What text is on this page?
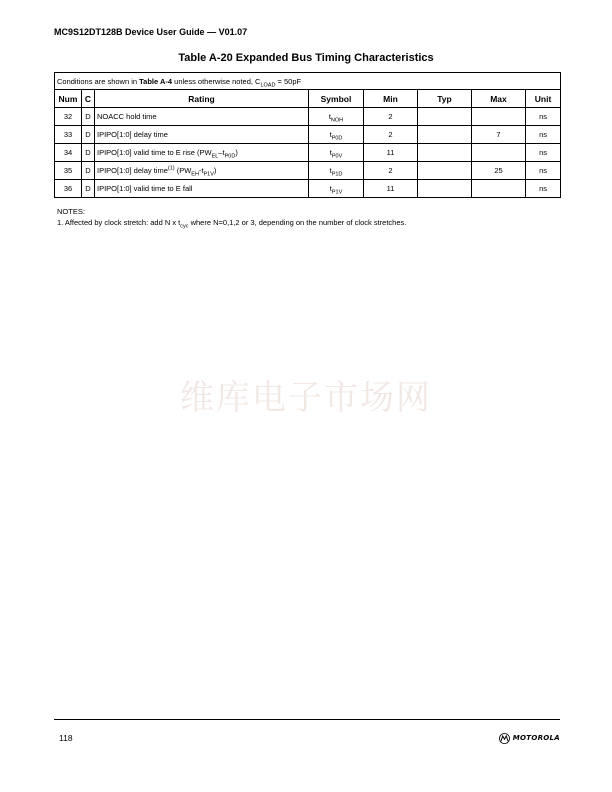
MC9S12DT128B Device User Guide — V01.07
Table A-20 Expanded Bus Timing Characteristics
Conditions are shown in Table A-4 unless otherwise noted, $C_{LOAD} = 50pF$							
Num	C	Rating	Symbol	Min	Typ	Max	Unit
32	D	NOACC hold time	$t_{NOH}$	2			ns
33	D	IPIPO[1:0] delay time	$t_{P0D}$	2		7	ns
34	D	IPIPO[1:0] valid time to E rise $(PW_{EL}-t_{P0D})$	$t_{P0V}$	11			ns
35	D	IPIPO[1:0] delay time$^{(1)}$ $(PW_{EH}-t_{P1V})$	$t_{P1D}$	2		25	ns
36	D	IPIPO[1:0] valid time to E fall	$t_{P1V}$	11			ns
NOTES:
1. Affected by clock stretch: add N x $t_{cyc}$ where N=0,1,2 or 3, depending on the number of clock stretches.
维库电子市场网
118	MOTOROLA
